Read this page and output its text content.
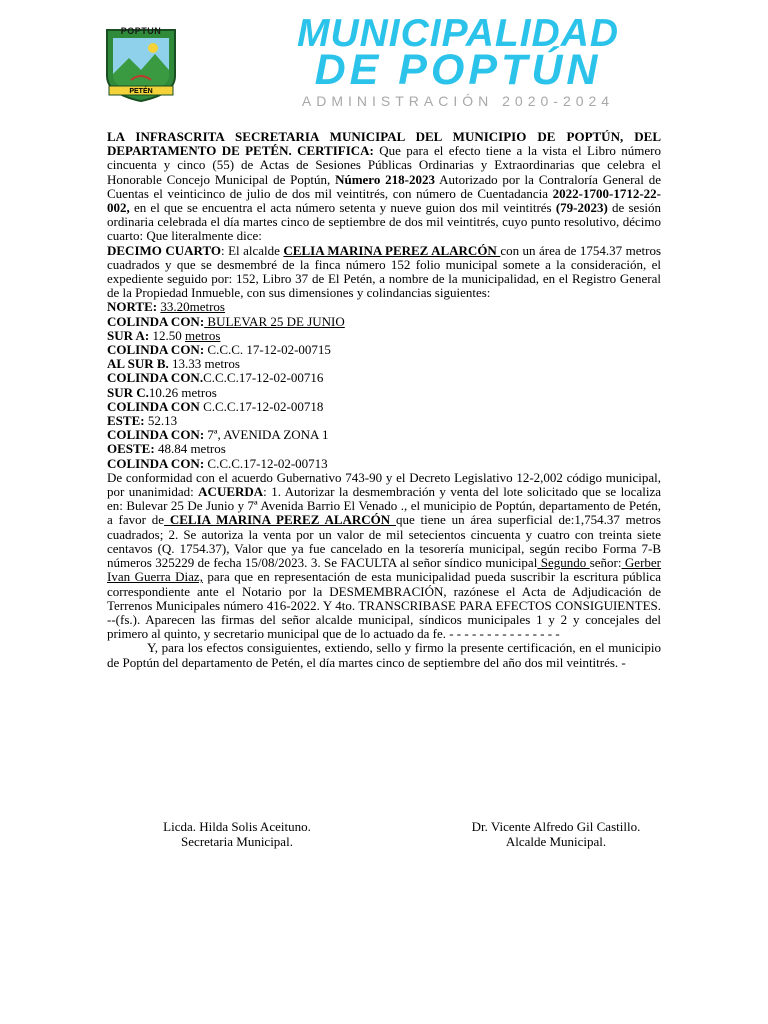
POPTUN
PETÉN
MUNICIPALIDAD
DE POPTÚN
ADMINISTRACIÓN 2020-2024

LA INFRASCRITA SECRETARIA MUNICIPAL DEL MUNICIPIO DE POPTÚN, DEL DEPARTAMENTO DE PETÉN. CERTIFICA: Que para el efecto tiene a la vista el Libro número cincuenta y cinco (55) de Actas de Sesiones Públicas Ordinarias y Extraordinarias que celebra el Honorable Concejo Municipal de Poptún, Número 218-2023 Autorizado por la Contraloría General de Cuentas el veinticinco de julio de dos mil veintitrés, con número de Cuentadancia 2022-1700-1712-22-002, en el que se encuentra el acta número setenta y nueve guion dos mil veintitrés (79-2023) de sesión ordinaria celebrada el día martes cinco de septiembre de dos mil veintitrés, cuyo punto resolutivo, décimo cuarto: Que literalmente dice:

DECIMO CUARTO: El alcalde CELIA MARINA PEREZ ALARCÓN con un área de 1754.37 metros cuadrados y que se desmembré de la finca número 152 folio municipal somete a la consideración, el expediente seguido por: 152, Libro 37 de El Petén, a nombre de la municipalidad, en el Registro General de la Propiedad Inmueble, con sus dimensiones y colindancias siguientes:

NORTE: 33.20metros

COLINDA CON: BULEVAR 25 DE JUNIO

SUR A: 12.50 metros

COLINDA CON: C.C.C. 17-12-02-00715

AL SUR B. 13.33 metros

COLINDA CON.C.C.C.17-12-02-00716

SUR C.10.26 metros

COLINDA CON C.C.C.17-12-02-00718

ESTE: 52.13

COLINDA CON: 7ª, AVENIDA ZONA 1

OESTE: 48.84 metros

COLINDA CON: C.C.C.17-12-02-00713

De conformidad con el acuerdo Gubernativo 743-90 y el Decreto Legislativo 12-2,002 código municipal, por unanimidad: ACUERDA: 1. Autorizar la desmembración y venta del lote solicitado que se localiza en: Bulevar 25 De Junio y 7ª Avenida Barrio El Venado ., el municipio de Poptún, departamento de Petén, a favor de CELIA MARINA PEREZ ALARCÓN que tiene un área superficial de:1,754.37 metros cuadrados; 2. Se autoriza la venta por un valor de mil setecientos cincuenta y cuatro con treinta siete centavos (Q. 1754.37), Valor que ya fue cancelado en la tesorería municipal, según recibo Forma 7-B números 325229 de fecha 15/08/2023. 3. Se FACULTA al señor síndico municipal Segundo señor: Gerber Ivan Guerra Diaz, para que en representación de esta municipalidad pueda suscribir la escritura pública correspondiente ante el Notario por la DESMEMBRACIÓN, razónese el Acta de Adjudicación de Terrenos Municipales número 416-2022. Y 4to. TRANSCRIBASE PARA EFECTOS CONSIGUIENTES. --(fs.). Aparecen las firmas del señor alcalde municipal, síndicos municipales 1 y 2 y concejales del primero al quinto, y secretario municipal que de lo actuado da fe. - - - - - - - - - - - - - - -

Y, para los efectos consiguientes, extiendo, sello y firmo la presente certificación, en el municipio de Poptún del departamento de Petén, el día martes cinco de septiembre del año dos mil veintitrés. -

Licda. Hilda Solis Aceituno.
Secretaria Municipal.
Dr. Vicente Alfredo Gil Castillo.
Alcalde Municipal.
